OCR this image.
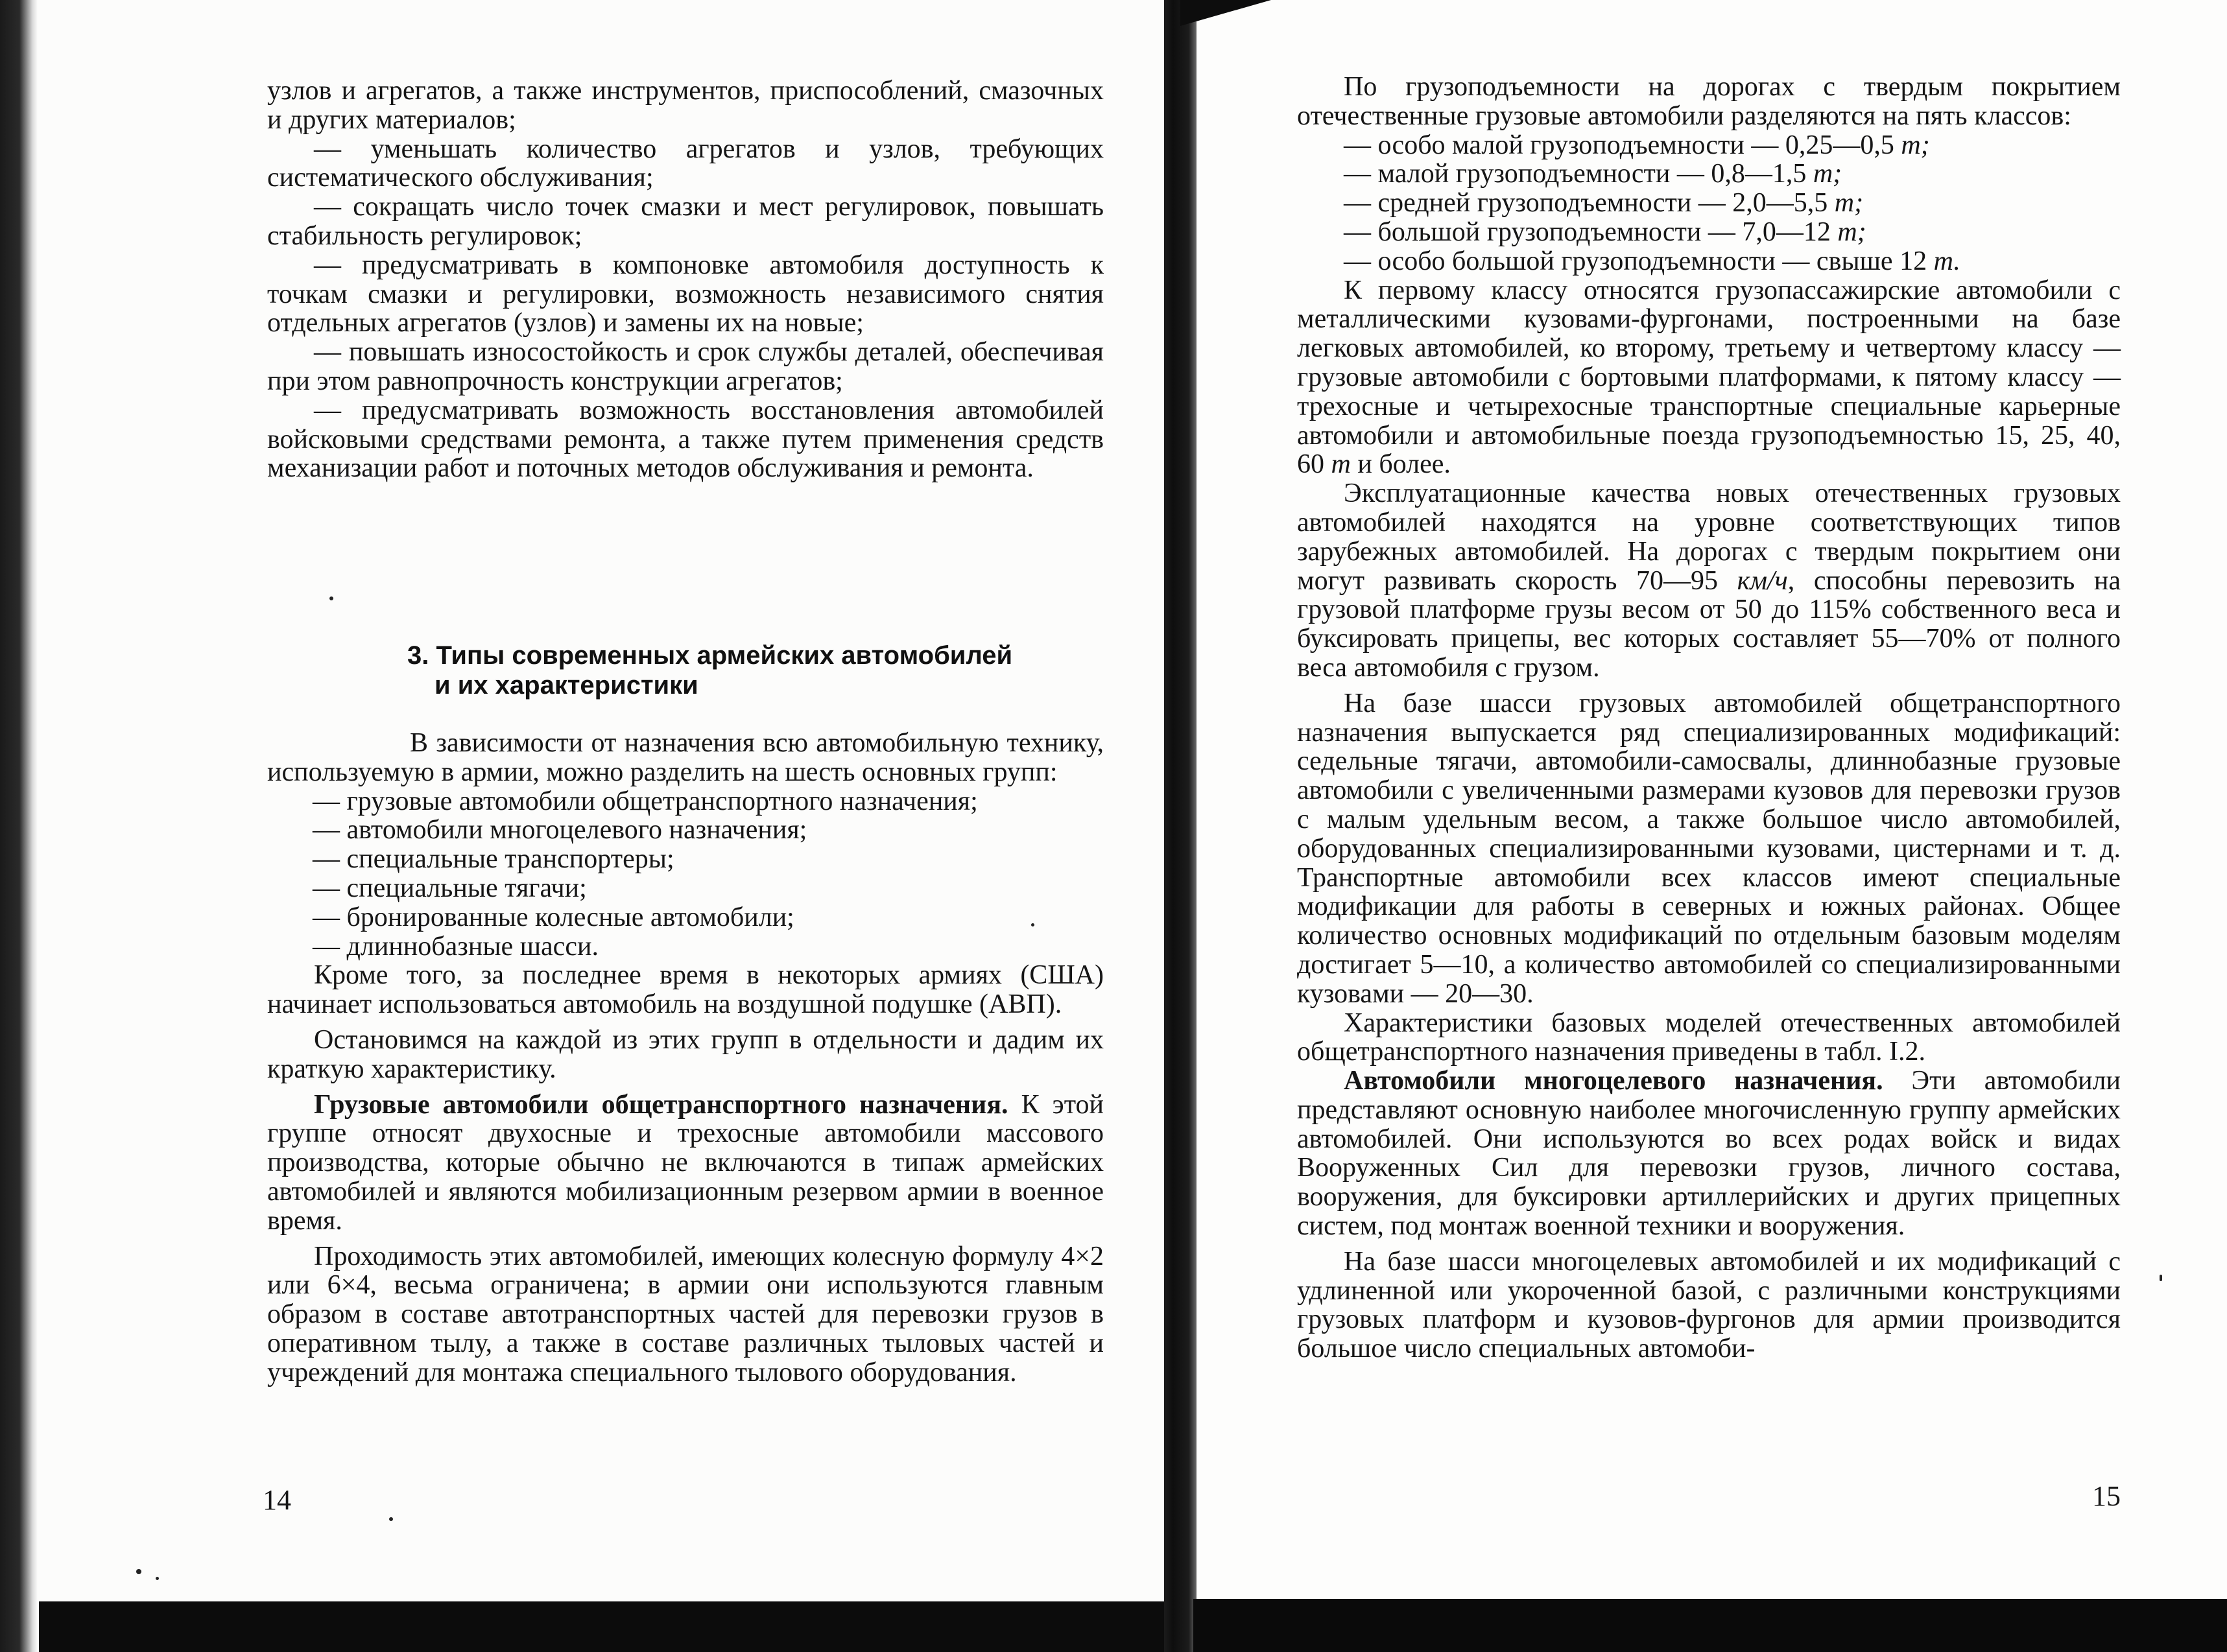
узлов и агрегатов, а также инструментов, приспособлений, смазочных и других материалов;

— уменьшать количество агрегатов и узлов, требующих систематического обслуживания;

— сокращать число точек смазки и мест регулировок, повышать стабильность регулировок;

— предусматривать в компоновке автомобиля доступность к точкам смазки и регулировки, возможность независимого снятия отдельных агрегатов (узлов) и замены их на новые;

— повышать износостойкость и срок службы деталей, обеспечивая при этом равнопрочность конструкции агрегатов;

— предусматривать возможность восстановления автомобилей войсковыми средствами ремонта, а также путем применения средств механизации работ и поточных методов обслуживания и ремонта.

3. Типы современных армейских автомобилей
и их характеристики

В зависимости от назначения всю автомобильную технику, используемую в армии, можно разделить на шесть основных групп:

— грузовые автомобили общетранспортного назначения;

— автомобили многоцелевого назначения;

— специальные транспортеры;

— специальные тягачи;

— бронированные колесные автомобили;

— длиннобазные шасси.

Кроме того, за последнее время в некоторых армиях (США) начинает использоваться автомобиль на воздушной подушке (АВП).

Остановимся на каждой из этих групп в отдельности и дадим их краткую характеристику.

Грузовые автомобили общетранспортного назначения. К этой группе относят двухосные и трехосные автомобили массового производства, которые обычно не включаются в типаж армейских автомобилей и являются мобилизационным резервом армии в военное время.

Проходимость этих автомобилей, имеющих колесную формулу 4×2 или 6×4, весьма ограничена; в армии они используются главным образом в составе автотранспортных частей для перевозки грузов в оперативном тылу, а также в составе различных тыловых частей и учреждений для монтажа специального тылового оборудования.

14

По грузоподъемности на дорогах с твердым покрытием отечественные грузовые автомобили разделяются на пять классов:

— особо малой грузоподъемности — 0,25—0,5 т;

— малой грузоподъемности — 0,8—1,5 т;

— средней грузоподъемности — 2,0—5,5 т;

— большой грузоподъемности — 7,0—12 т;

— особо большой грузоподъемности — свыше 12 т.

К первому классу относятся грузопассажирские автомобили с металлическими кузовами-фургонами, построенными на базе легковых автомобилей, ко второму, третьему и четвертому классу — грузовые автомобили с бортовыми платформами, к пятому классу — трехосные и четырехосные транспортные специальные карьерные автомобили и автомобильные поезда грузоподъемностью 15, 25, 40, 60 т и более.

Эксплуатационные качества новых отечественных грузовых автомобилей находятся на уровне соответствующих типов зарубежных автомобилей. На дорогах с твердым покрытием они могут развивать скорость 70—95 км/ч, способны перевозить на грузовой платформе грузы весом от 50 до 115% собственного веса и буксировать прицепы, вес которых составляет 55—70% от полного веса автомобиля с грузом.

На базе шасси грузовых автомобилей общетранспортного назначения выпускается ряд специализированных модификаций: седельные тягачи, автомобили-самосвалы, длиннобазные грузовые автомобили с увеличенными размерами кузовов для перевозки грузов с малым удельным весом, а также большое число автомобилей, оборудованных специализированными кузовами, цистернами и т. д. Транспортные автомобили всех классов имеют специальные модификации для работы в северных и южных районах. Общее количество основных модификаций по отдельным базовым моделям достигает 5—10, а количество автомобилей со специализированными кузовами — 20—30.

Характеристики базовых моделей отечественных автомобилей общетранспортного назначения приведены в табл. I.2.

Автомобили многоцелевого назначения. Эти автомобили представляют основную наиболее многочисленную группу армейских автомобилей. Они используются во всех родах войск и видах Вооруженных Сил для перевозки грузов, личного состава, вооружения, для буксировки артиллерийских и других прицепных систем, под монтаж военной техники и вооружения.

На базе шасси многоцелевых автомобилей и их модификаций с удлиненной или укороченной базой, с различными конструкциями грузовых платформ и кузовов-фургонов для армии производится большое число специальных автомоби-

15
